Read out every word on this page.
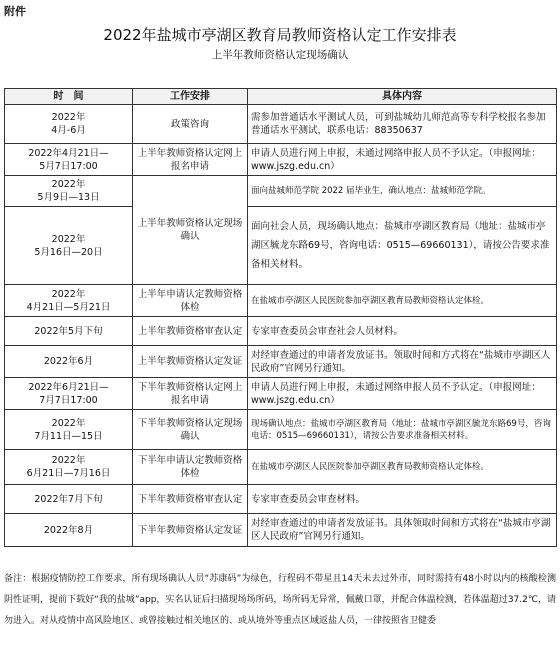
附件
2022年盐城市亭湖区教育局教师资格认定工作安排表
上半年教师资格认定现场确认
时　间	工作安排	具体内容
2022年
4月-6月	政策咨询	需参加普通话水平测试人员，可到盐城幼儿师范高等专科学校报名参加普通话水平测试，联系电话：88350637
2022年4月21日—
5月7日17:00	上半年教师资格认定网上报名申请	申请人员进行网上申报，未通过网络申报人员不予认定。（申报网址：www.jszg.edu.cn）
2022年
5月9日—13日	上半年教师资格认定现场确认	面向盐城师范学院 2022 届毕业生，确认地点：盐城师范学院。
2022年
5月16日—20日		面向社会人员，现场确认地点：盐城市亭湖区教育局（地址：盐城市亭湖区毓龙东路69号，咨询电话：0515—69660131），请按公告要求准备相关材料。
2022年
4月21日—5月21日	上半年申请认定教师资格体检	在盐城市亭湖区人民医院参加亭湖区教育局教师资格认定体检。
2022年5月下旬	上半年教师资格审查认定	专家审查委员会审查社会人员材料。
2022年6月	上半年教师资格认定发证	对经审查通过的申请者发放证书。领取时间和方式将在“盐城市亭湖区人民政府”官网另行通知。
2022年6月21日—
7月7日17:00	下半年教师资格认定网上报名申请	申请人员进行网上申报，未通过网络申报人员不予认定。（申报网址：www.jszg.edu.cn）
2022年
7月11日—15日	下半年教师资格认定现场确认	现场确认地点：盐城市亭湖区教育局（地址：盐城市亭湖区毓龙东路69号，咨询电话：0515—69660131），请按公告要求准备相关材料。
2022年
6月21日—7月16日	下半年申请认定教师资格体检	在盐城市亭湖区人民医院参加亭湖区教育局教师资格认定体检。
2022年7月下旬	下半年教师资格审查认定	专家审查委员会审查材料。
2022年8月	下半年教师资格认定发证	对经审查通过的申请者发放证书。具体领取时间和方式将在“盐城市亭湖区人民政府”官网另行通知。
备注：根据疫情防控工作要求，所有现场确认人员“苏康码”为绿色，行程码不带星且14天未去过外市，同时需持有48小时以内的核酸检测阴性证明，提前下载好“我的盐城”app，实名认证后扫描现场场所码，场所码无异常，佩戴口罩，并配合体温检测，若体温超过37.2℃，请勿进入。对从疫情中高风险地区、或曾接触过相关地区的、或从境外等重点区域返盐人员，一律按照省卫健委
